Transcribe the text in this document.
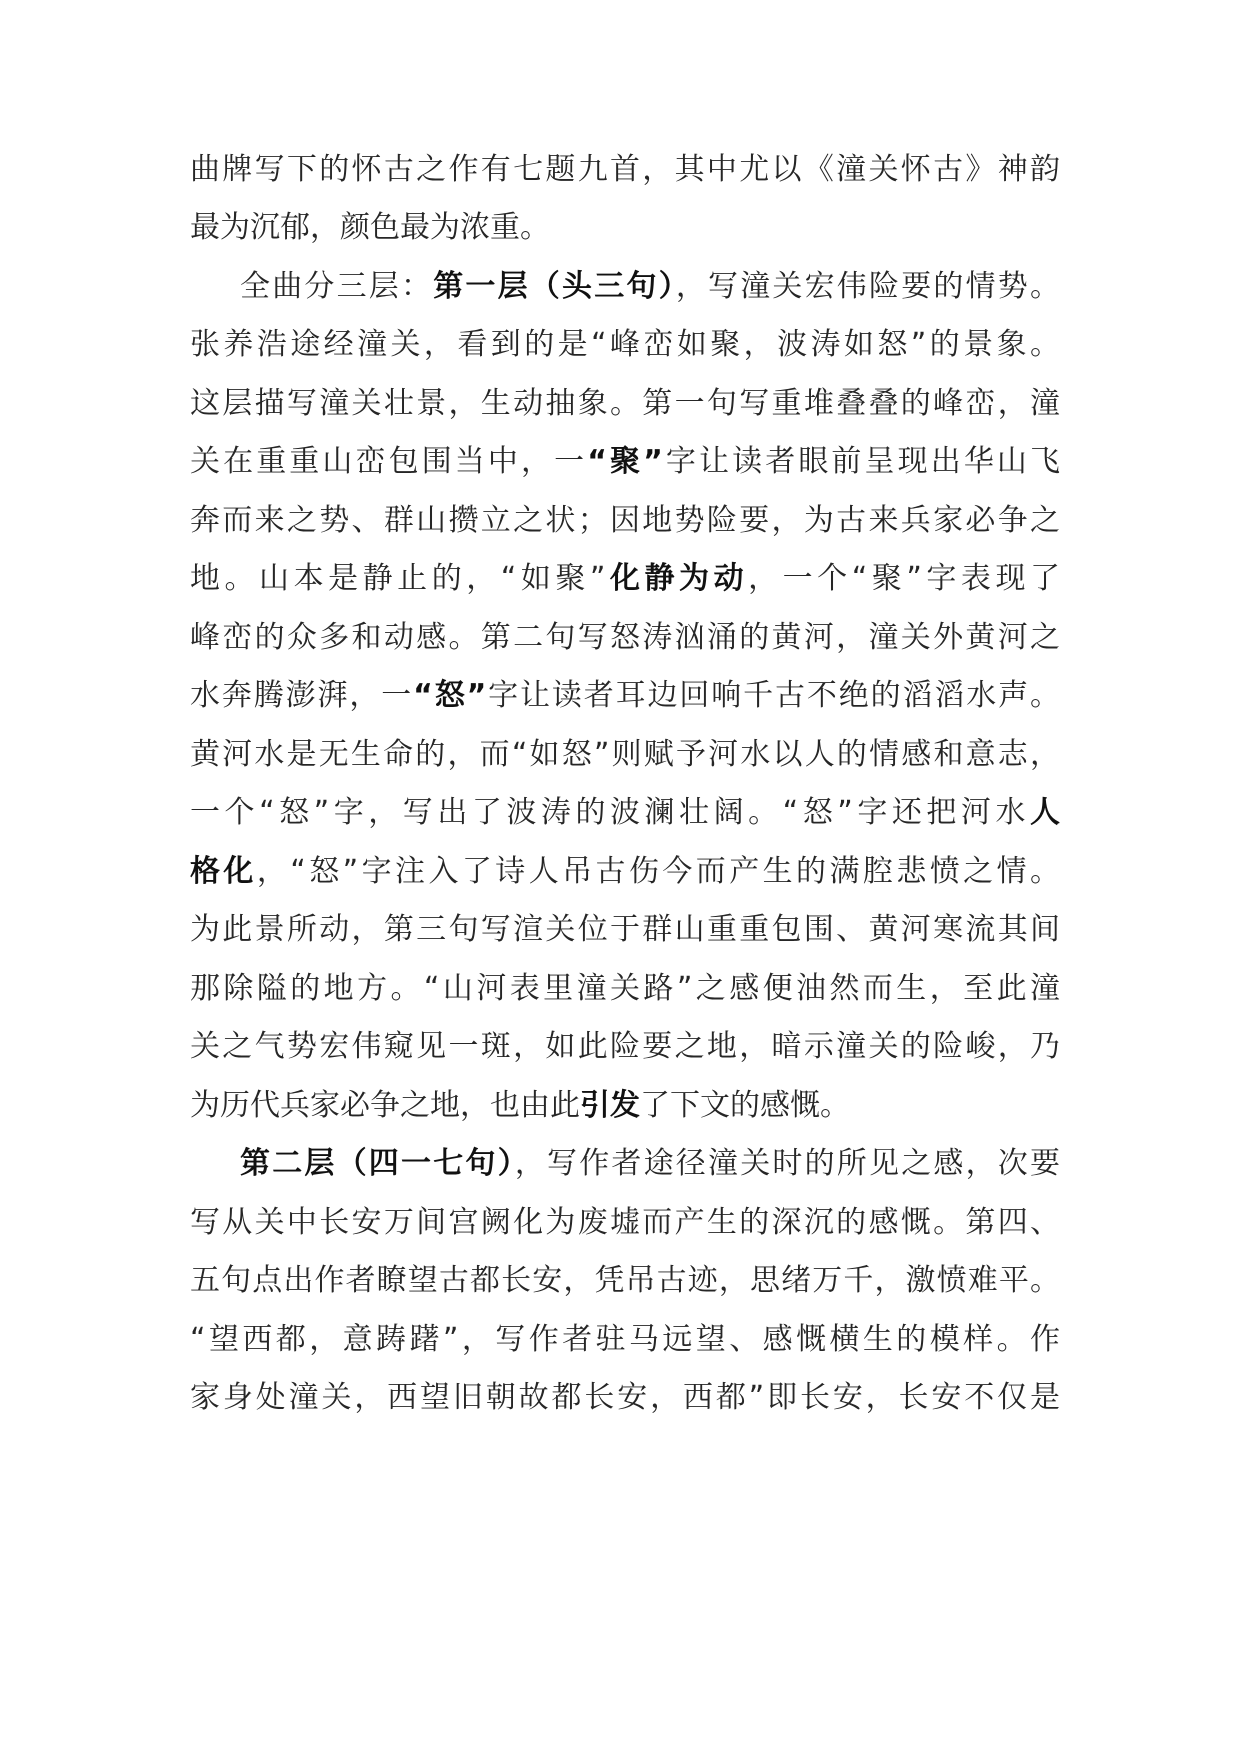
曲牌写下的怀古之作有七题九首，其中尤以《潼关怀古》神韵
最为沉郁，颜色最为浓重。
全曲分三层：第一层（头三句），写潼关宏伟险要的情势。
张养浩途经潼关，看到的是“峰峦如聚，波涛如怒”的景象。
这层描写潼关壮景，生动抽象。第一句写重堆叠叠的峰峦，潼
关在重重山峦包围当中，一“聚”字让读者眼前呈现出华山飞
奔而来之势、群山攒立之状；因地势险要，为古来兵家必争之
地。山本是静止的，“如聚”化静为动，一个“聚”字表现了
峰峦的众多和动感。第二句写怒涛汹涌的黄河，潼关外黄河之
水奔腾澎湃，一“怒”字让读者耳边回响千古不绝的滔滔水声。
黄河水是无生命的，而“如怒”则赋予河水以人的情感和意志，
一个“怒”字，写出了波涛的波澜壮阔。“怒”字还把河水人
格化，“怒”字注入了诗人吊古伤今而产生的满腔悲愤之情。
为此景所动，第三句写渲关位于群山重重包围、黄河寒流其间
那除隘的地方。“山河表里潼关路”之感便油然而生，至此潼
关之气势宏伟窥见一斑，如此险要之地，暗示潼关的险峻，乃
为历代兵家必争之地，也由此引发了下文的感慨。
第二层（四一七句），写作者途径潼关时的所见之感，次要
写从关中长安万间宫阙化为废墟而产生的深沉的感慨。第四、
五句点出作者瞭望古都长安，凭吊古迹，思绪万千，激愤难平。
“望西都，意踌躇”，写作者驻马远望、感慨横生的模样。作
家身处潼关，西望旧朝故都长安，西都”即长安，长安不仅是
